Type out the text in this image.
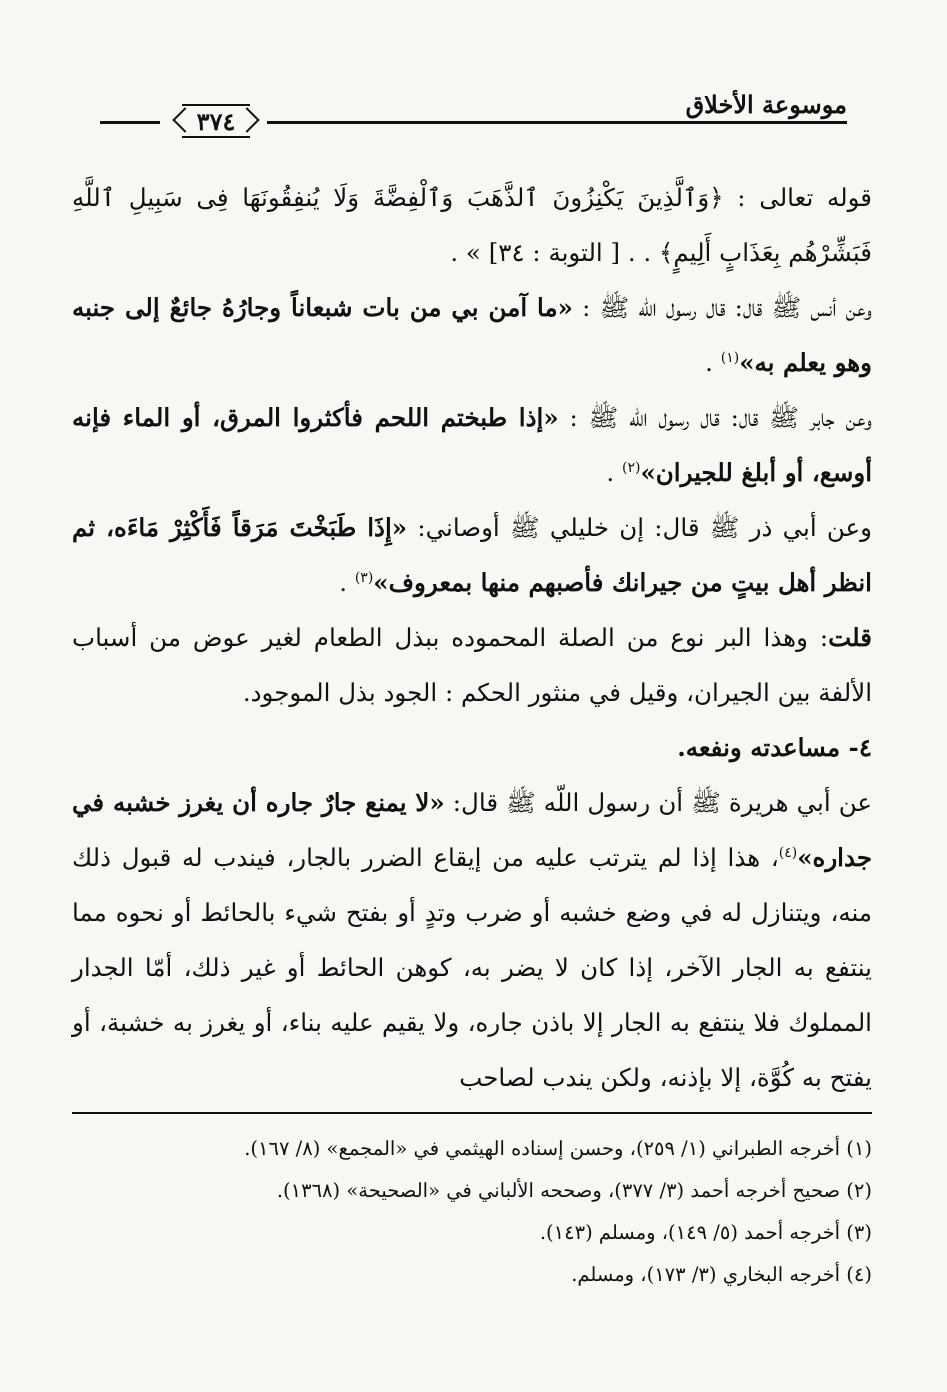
موسوعة الأخلاق
٣٧٤

قوله تعالى : ﴿وَٱلَّذِينَ يَكْنِزُونَ ٱلذَّهَبَ وَٱلْفِضَّةَ وَلَا يُنفِقُونَهَا فِى سَبِيلِ ٱللَّهِ فَبَشِّرْهُم بِعَذَابٍ أَلِيمٍ﴾ . . [ التوبة : ٣٤] » .

وعن أنس ﷺ قال: قال رسول اللّه ﷺ : «ما آمن بي من بات شبعاناً وجارُهُ جائعٌ إلى جنبه وهو يعلم به»$^{(١)}$ .

وعن جابر ﷺ قال: قال رسول اللّه ﷺ : «إذا طبختم اللحم فأكثروا المرق، أو الماء فإنه أوسع، أو أبلغ للجيران»$^{(٢)}$ .

وعن أبي ذر ﷺ قال: إن خليلي ﷺ أوصاني: «إِذَا طَبَخْتَ مَرَقاً فَأَكْثِرْ مَاءَه، ثم انظر أهل بيتٍ من جيرانك فأصبهم منها بمعروف»$^{(٣)}$ .

قلت: وهذا البر نوع من الصلة المحموده ببذل الطعام لغير عوض من أسباب الألفة بين الجيران، وقيل في منثور الحكم : الجود بذل الموجود.

٤- مساعدته ونفعه.

عن أبي هريرة ﷺ أن رسول اللّه ﷺ قال: «لا يمنع جارٌ جاره أن يغرز خشبه في جداره»$^{(٤)}$، هذا إذا لم يترتب عليه من إيقاع الضرر بالجار، فيندب له قبول ذلك منه، ويتنازل له في وضع خشبه أو ضرب وتدٍ أو بفتح شيء بالحائط أو نحوه مما ينتفع به الجار الآخر، إذا كان لا يضر به، كوهن الحائط أو غير ذلك، أمّا الجدار المملوك فلا ينتفع به الجار إلا باذن جاره، ولا يقيم عليه بناء، أو يغرز به خشبة، أو يفتح به كُوَّة، إلا بإذنه، ولكن يندب لصاحب

(١) أخرجه الطبراني (١/ ٢٥٩)، وحسن إسناده الهيثمي في «المجمع» (٨/ ١٦٧).
(٢) صحيح أخرجه أحمد (٣/ ٣٧٧)، وصححه الألباني في «الصحيحة» (١٣٦٨).
(٣) أخرجه أحمد (٥/ ١٤٩)، ومسلم (١٤٣).
(٤) أخرجه البخاري (٣/ ١٧٣)، ومسلم.
